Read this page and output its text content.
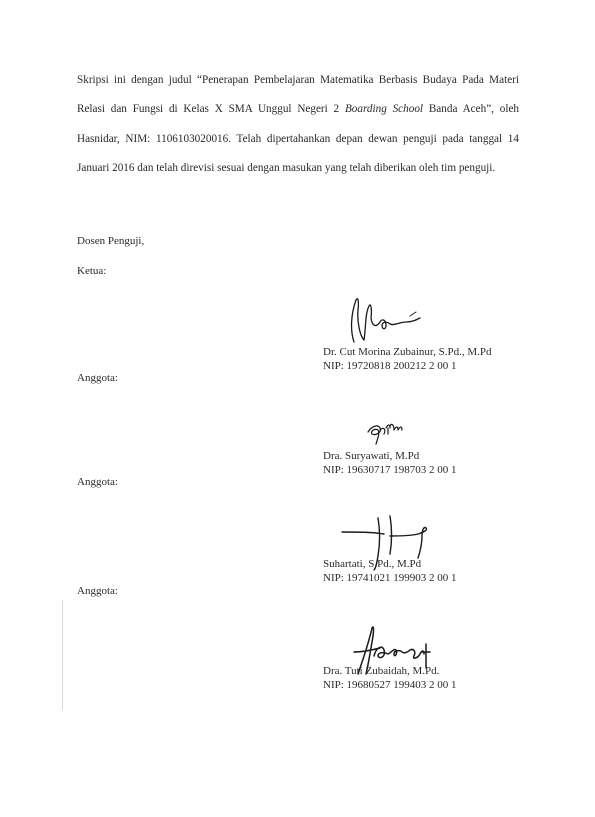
Skripsi ini dengan judul “Penerapan Pembelajaran Matematika Berbasis Budaya Pada Materi Relasi dan Fungsi di Kelas X SMA Unggul Negeri 2 Boarding School Banda Aceh”, oleh Hasnidar, NIM: 1106103020016. Telah dipertahankan depan dewan penguji pada tanggal 14 Januari 2016 dan telah direvisi sesuai dengan masukan yang telah diberikan oleh tim penguji.

Dosen Penguji,
Ketua:
Dr. Cut Morina Zubainur, S.Pd., M.Pd
NIP: 19720818 200212 2 00 1
Anggota:
Dra. Suryawati, M.Pd
NIP: 19630717 198703 2 00 1
Anggota:
Suhartati, S.Pd., M.Pd
NIP: 19741021 199903 2 00 1
Anggota:
Dra. Tuti Zubaidah, M.Pd.
NIP: 19680527 199403 2 00 1
